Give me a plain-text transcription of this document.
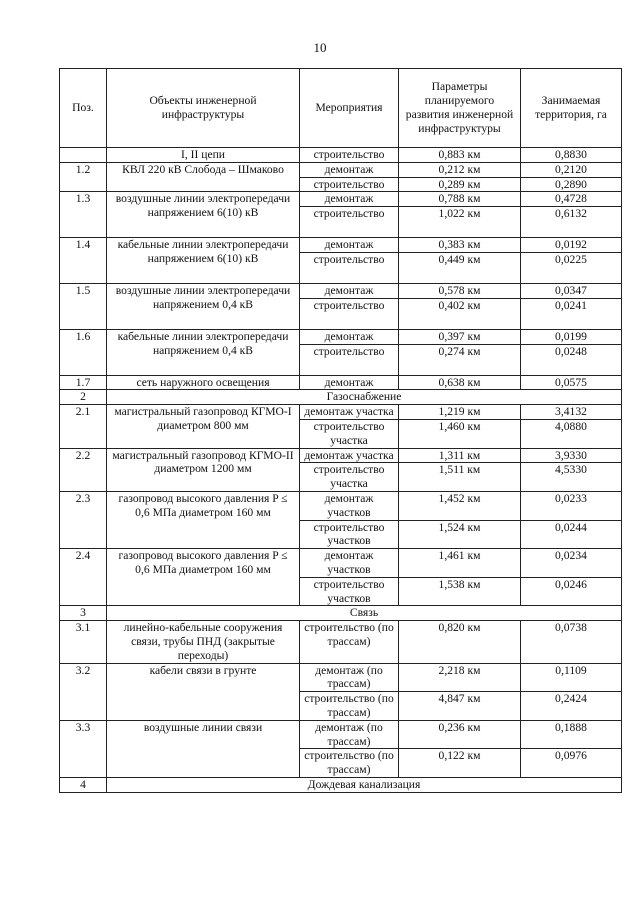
10
Поз.	Объекты инженерной инфраструктуры	Мероприятия	Параметры планируемого развития инженерной инфраструктуры	Занимаемая территория, га
	I, II цепи	строительство	0,883 км	0,8830
1.2	КВЛ 220 кВ Слобода – Шмаково	демонтаж	0,212 км	0,2120
		строительство	0,289 км	0,2890
1.3	воздушные линии электропередачи напряжением 6(10) кВ	демонтаж	0,788 км	0,4728
		строительство	1,022 км	0,6132
1.4	кабельные линии электропередачи напряжением 6(10) кВ	демонтаж	0,383 км	0,0192
		строительство	0,449 км	0,0225
1.5	воздушные линии электропередачи напряжением 0,4 кВ	демонтаж	0,578 км	0,0347
		строительство	0,402 км	0,0241
1.6	кабельные линии электропередачи напряжением 0,4 кВ	демонтаж	0,397 км	0,0199
		строительство	0,274 км	0,0248
1.7	сеть наружного освещения	демонтаж	0,638 км	0,0575
2	Газоснабжение			
2.1	магистральный газопровод КГМО-I диаметром 800 мм	демонтаж участка	1,219 км	3,4132
		строительство участка	1,460 км	4,0880
2.2	магистральный газопровод КГМО-II диаметром 1200 мм	демонтаж участка	1,311 км	3,9330
		строительство участка	1,511 км	4,5330
2.3	газопровод высокого давления P ≤ 0,6 МПа диаметром 160 мм	демонтаж участков	1,452 км	0,0233
		строительство участков	1,524 км	0,0244
2.4	газопровод высокого давления P ≤ 0,6 МПа диаметром 160 мм	демонтаж участков	1,461 км	0,0234
		строительство участков	1,538 км	0,0246
3	Связь			
3.1	линейно-кабельные сооружения связи, трубы ПНД (закрытые переходы)	строительство (по трассам)	0,820 км	0,0738
3.2	кабели связи в грунте	демонтаж (по трассам)	2,218 км	0,1109
		строительство (по трассам)	4,847 км	0,2424
3.3	воздушные линии связи	демонтаж (по трассам)	0,236 км	0,1888
		строительство (по трассам)	0,122 км	0,0976
4	Дождевая канализация			
